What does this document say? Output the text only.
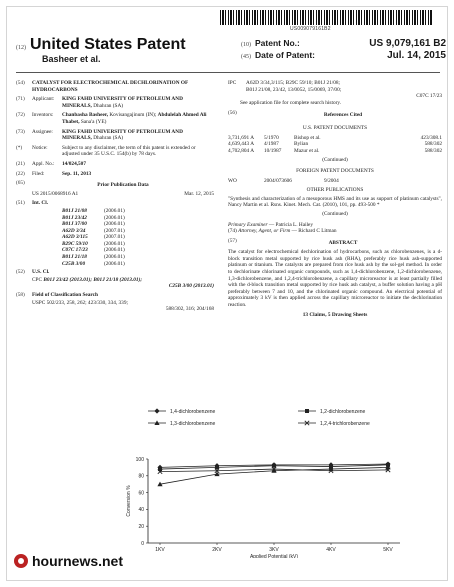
US009079161B2
(12) United States Patent
Basheer et al.
(10) Patent No.:	US 9,079,161 B2
(45) Date of Patent:	Jul. 14, 2015
(54)	CATALYST FOR ELECTROCHEMICAL DECHLORINATION OF HYDROCARBONS
(71)	Applicant:	KING FAHD UNIVERSITY OF PETROLEUM AND MINERALS, Dhahran (SA)
(72)	Inventors:	Chanbasha Basheer, Kovisangajinum (IN); Abdulelah Ahmed Ali Thabet, Sana'a (YE)
(73)	Assignee:	KING FAHD UNIVERSITY OF PETROLEUM AND MINERALS, Dhahran (SA)
(*)	Notice:	Subject to any disclaimer, the term of this patent is extended or adjusted under 35 U.S.C. 154(b) by 78 days.
(21)	Appl. No.:	14/024,507
(22)	Filed:	Sep. 11, 2013
(65)	Prior Publication Data
US 2015/0068916 A1	Mar. 12, 2015
(51)	Int. Cl.
B01J 21/08	(2006.01)
B01J 23/42	(2006.01)
B01J 37/00	(2006.01)
A62D 3/34	(2007.01)
A62D 3/115	(2007.01)
B29C 59/10	(2006.01)
C07C 17/23	(2006.01)
B01J 21/18	(2006.01)
C25B 3/00	(2006.01)
(52)	U.S. Cl.
CPC B01J 23/42 (2013.01); B01J 21/18 (2013.01);
C25B 3/00 (2013.01)
(58)	Field of Classification Search
USPC 502/233, 258, 262; 423/330, 334, 339;
588/302, 316; 204/168
IPC	A62D 3/34,3/115; B29C 59/10; B01J 21/08;
B01J 21/08, 23/42, 13/0052, 15/0069, 37/00;
C07C 17/23
See application file for complete search history.
(56)	References Cited
U.S. PATENT DOCUMENTS
3,731,691 A	5/1970	Bishop et al.	423/308.1
4,639,443 A	4/1987	Bylian	588/302
4,702,804 A	10/1987	Mazur et al.	588/302
(Continued)
FOREIGN PATENT DOCUMENTS
WO	2004/073606	9/2004
OTHER PUBLICATIONS
"Synthesis and characterization of a mesoporous HMS and its use as support of platinum catalysts", Nancy Martin et al. Rsns. Kinet. Mech. Cat. (2010), 101, pp. 493-500 *
(Continued)
Primary Examiner — Patricia L. Hailey
(74) Attorney, Agent, or Firm — Richard C Litman
(57)	ABSTRACT
The catalyst for electrochemical dechlorination of hydrocarbons, such as chlorobenzenes, is a d-block transition metal supported by rice husk ash (RHA), preferably rice husk ash-supported platinum or titanium. The catalysts are prepared from rice husk ash by the sol-gel method. In order to dechlorinate chlorinated organic compounds, such as 1,4-dichlorobenzene, 1,2-dichlorobenzene, 1,3-dichlorobenzene, and 1,2,4-trichlorobenzene, a capillary microreactor is at least partially filled with the d-block transition metal supported by rice husk ash catalyst, a buffer solution having a pH preferably between 7 and 10, and the chlorinated organic compound. An electrical potential of approximately 3 kV is then applied across the capillary microreactor to initiate the dechlorination reaction.
13 Claims, 5 Drawing Sheets
1,4-dichlorobenzene	1,2-dichlorobenzene
1,3-dichlorobenzene	1,2,4-trichlorobenzene
0
20
40
60
80
100
1KV	2KV	3KV	4KV	5KV
Applied Potential (kV)
Conversion %
hournews.net
